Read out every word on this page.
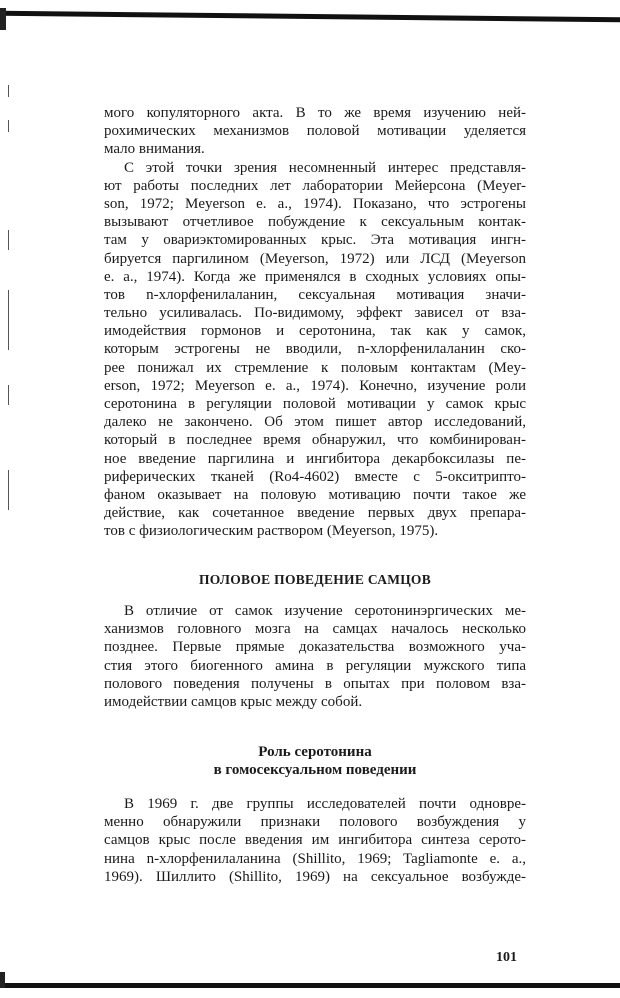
мого копуляторного акта. В то же время изучению ней-
рохимических механизмов половой мотивации уделяется
мало внимания.
С этой точки зрения несомненный интерес представля-
ют работы последних лет лаборатории Мейерсона (Meyer-
son, 1972; Meyerson e. a., 1974). Показано, что эстрогены
вызывают отчетливое побуждение к сексуальным контак-
там у овариэктомированных крыс. Эта мотивация ингн-
бируется паргилином (Meyerson, 1972) или ЛСД (Meyerson
e. a., 1974). Когда же применялся в сходных условиях опы-
тов n-хлорфенилаланин, сексуальная мотивация значи-
тельно усиливалась. По-видимому, эффект зависел от вза-
имодействия гормонов и серотонина, так как у самок,
которым эстрогены не вводили, n-хлорфенилаланин ско-
рее понижал их стремление к половым контактам (Mey-
erson, 1972; Meyerson e. a., 1974). Конечно, изучение роли
серотонина в регуляции половой мотивации у самок крыс
далеко не закончено. Об этом пишет автор исследований,
который в последнее время обнаружил, что комбинирован-
ное введение паргилина и ингибитора декарбоксилазы пе-
риферических тканей (Ro4-4602) вместе с 5-окситрипто-
фаном оказывает на половую мотивацию почти такое же
действие, как сочетанное введение первых двух препара-
тов с физиологическим раствором (Meyerson, 1975).
ПОЛОВОЕ ПОВЕДЕНИЕ САМЦОВ
В отличие от самок изучение серотонинэргических ме-
ханизмов головного мозга на самцах началось несколько
позднее. Первые прямые доказательства возможного уча-
стия этого биогенного амина в регуляции мужского типа
полового поведения получены в опытах при половом вза-
имодействии самцов крыс между собой.
Роль серотонина
в гомосексуальном поведении
В 1969 г. две группы исследователей почти одновре-
менно обнаружили признаки полового возбуждения у
самцов крыс после введения им ингибитора синтеза серото-
нина n-хлорфенилаланина (Shillito, 1969; Tagliamonte e. a.,
1969). Шиллито (Shillito, 1969) на сексуальное возбужде-
101
